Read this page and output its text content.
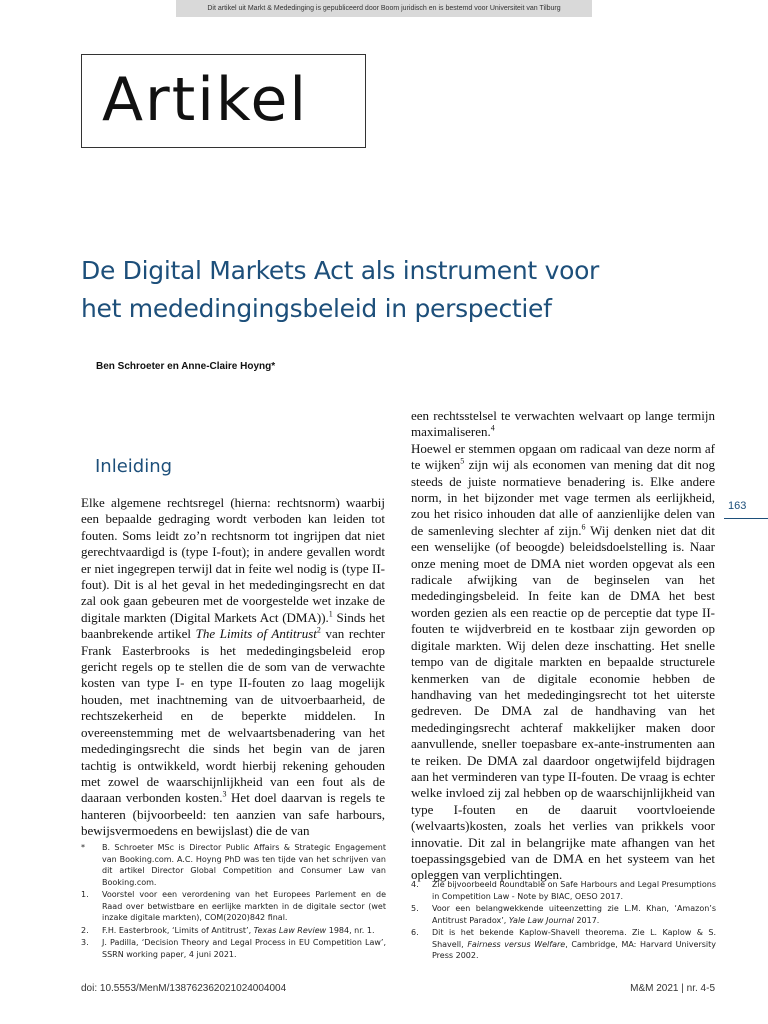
Dit artikel uit Markt & Mededinging is gepubliceerd door Boom juridisch en is bestemd voor Universiteit van Tilburg
Artikel
De Digital Markets Act als instrument voor
het mededingingsbeleid in perspectief
Ben Schroeter en Anne-Claire Hoyng*
Inleiding

Elke algemene rechtsregel (hierna: rechtsnorm) waarbij een bepaalde gedraging wordt verboden kan leiden tot fouten. Soms leidt zo’n rechtsnorm tot ingrijpen dat niet gerechtvaardigd is (type I-fout); in andere gevallen wordt er niet ingegrepen terwijl dat in feite wel nodig is (type II-fout). Dit is al het geval in het mededingingsrecht en dat zal ook gaan gebeuren met de voorgestelde wet inzake de digitale markten (Digital Markets Act (DMA)).$^1$ Sinds het baanbrekende artikel The Limits of Antitrust$^2$ van rechter Frank Easterbrooks is het mededingingsbeleid erop gericht regels op te stellen die de som van de verwachte kosten van type I- en type II-fouten zo laag mogelijk houden, met inachtneming van de uitvoerbaarheid, de rechtszekerheid en de beperkte middelen. In overeenstemming met de welvaartsbenadering van het mededingingsrecht die sinds het begin van de jaren tachtig is ontwikkeld, wordt hierbij rekening gehouden met zowel de waarschijnlijkheid van een fout als de daaraan verbonden kosten.$^3$ Het doel daarvan is regels te hanteren (bijvoorbeeld: ten aanzien van safe harbours, bewijsvermoedens en bewijslast) die de van

een rechtsstelsel te verwachten welvaart op lange termijn maximaliseren.$^4$

Hoewel er stemmen opgaan om radicaal van deze norm af te wijken$^5$ zijn wij als economen van mening dat dit nog steeds de juiste normatieve benadering is. Elke andere norm, in het bijzonder met vage termen als eerlijkheid, zou het risico inhouden dat alle of aanzienlijke delen van de samenleving slechter af zijn.$^6$ Wij denken niet dat dit een wenselijke (of beoogde) beleidsdoelstelling is. Naar onze mening moet de DMA niet worden opgevat als een radicale afwijking van de beginselen van het mededingingsbeleid. In feite kan de DMA het best worden gezien als een reactie op de perceptie dat type II-fouten te wijdverbreid en te kostbaar zijn geworden op digitale markten. Wij delen deze inschatting. Het snelle tempo van de digitale markten en bepaalde structurele kenmerken van de digitale economie hebben de handhaving van het mededingingsrecht tot het uiterste gedreven. De DMA zal de handhaving van het mededingingsrecht achteraf makkelijker maken door aanvullende, sneller toepasbare ex-ante-instrumenten aan te reiken. De DMA zal daardoor ongetwijfeld bijdragen aan het verminderen van type II-fouten. De vraag is echter welke invloed zij zal hebben op de waarschijnlijkheid van type I-fouten en de daaruit voortvloeiende (welvaarts)kosten, zoals het verlies van prikkels voor innovatie. Dit zal in belangrijke mate afhangen van het toepassingsgebied van de DMA en het systeem van het opleggen van verplichtingen.

163
*	B. Schroeter MSc is Director Public Affairs & Strategic Engagement van Booking.com. A.C. Hoyng PhD was ten tijde van het schrijven van dit artikel Director Global Competition and Consumer Law van Booking.com.
1.	Voorstel voor een verordening van het Europees Parlement en de Raad over betwistbare en eerlijke markten in de digitale sector (wet inzake digitale markten), COM(2020)842 final.
2.	F.H. Easterbrook, ‘Limits of Antitrust’, Texas Law Review 1984, nr. 1.
3.	J. Padilla, ‘Decision Theory and Legal Process in EU Competition Law’, SSRN working paper, 4 juni 2021.
4.	Zie bijvoorbeeld Roundtable on Safe Harbours and Legal Presumptions in Competition Law - Note by BIAC, OESO 2017.
5.	Voor een belangwekkende uiteenzetting zie L.M. Khan, ‘Amazon’s Antitrust Paradox’, Yale Law Journal 2017.
6.	Dit is het bekende Kaplow-Shavell theorema. Zie L. Kaplow & S. Shavell, Fairness versus Welfare, Cambridge, MA: Harvard University Press 2002.
doi: 10.5553/MenM/138762362021024004004	M&M 2021 | nr. 4-5
